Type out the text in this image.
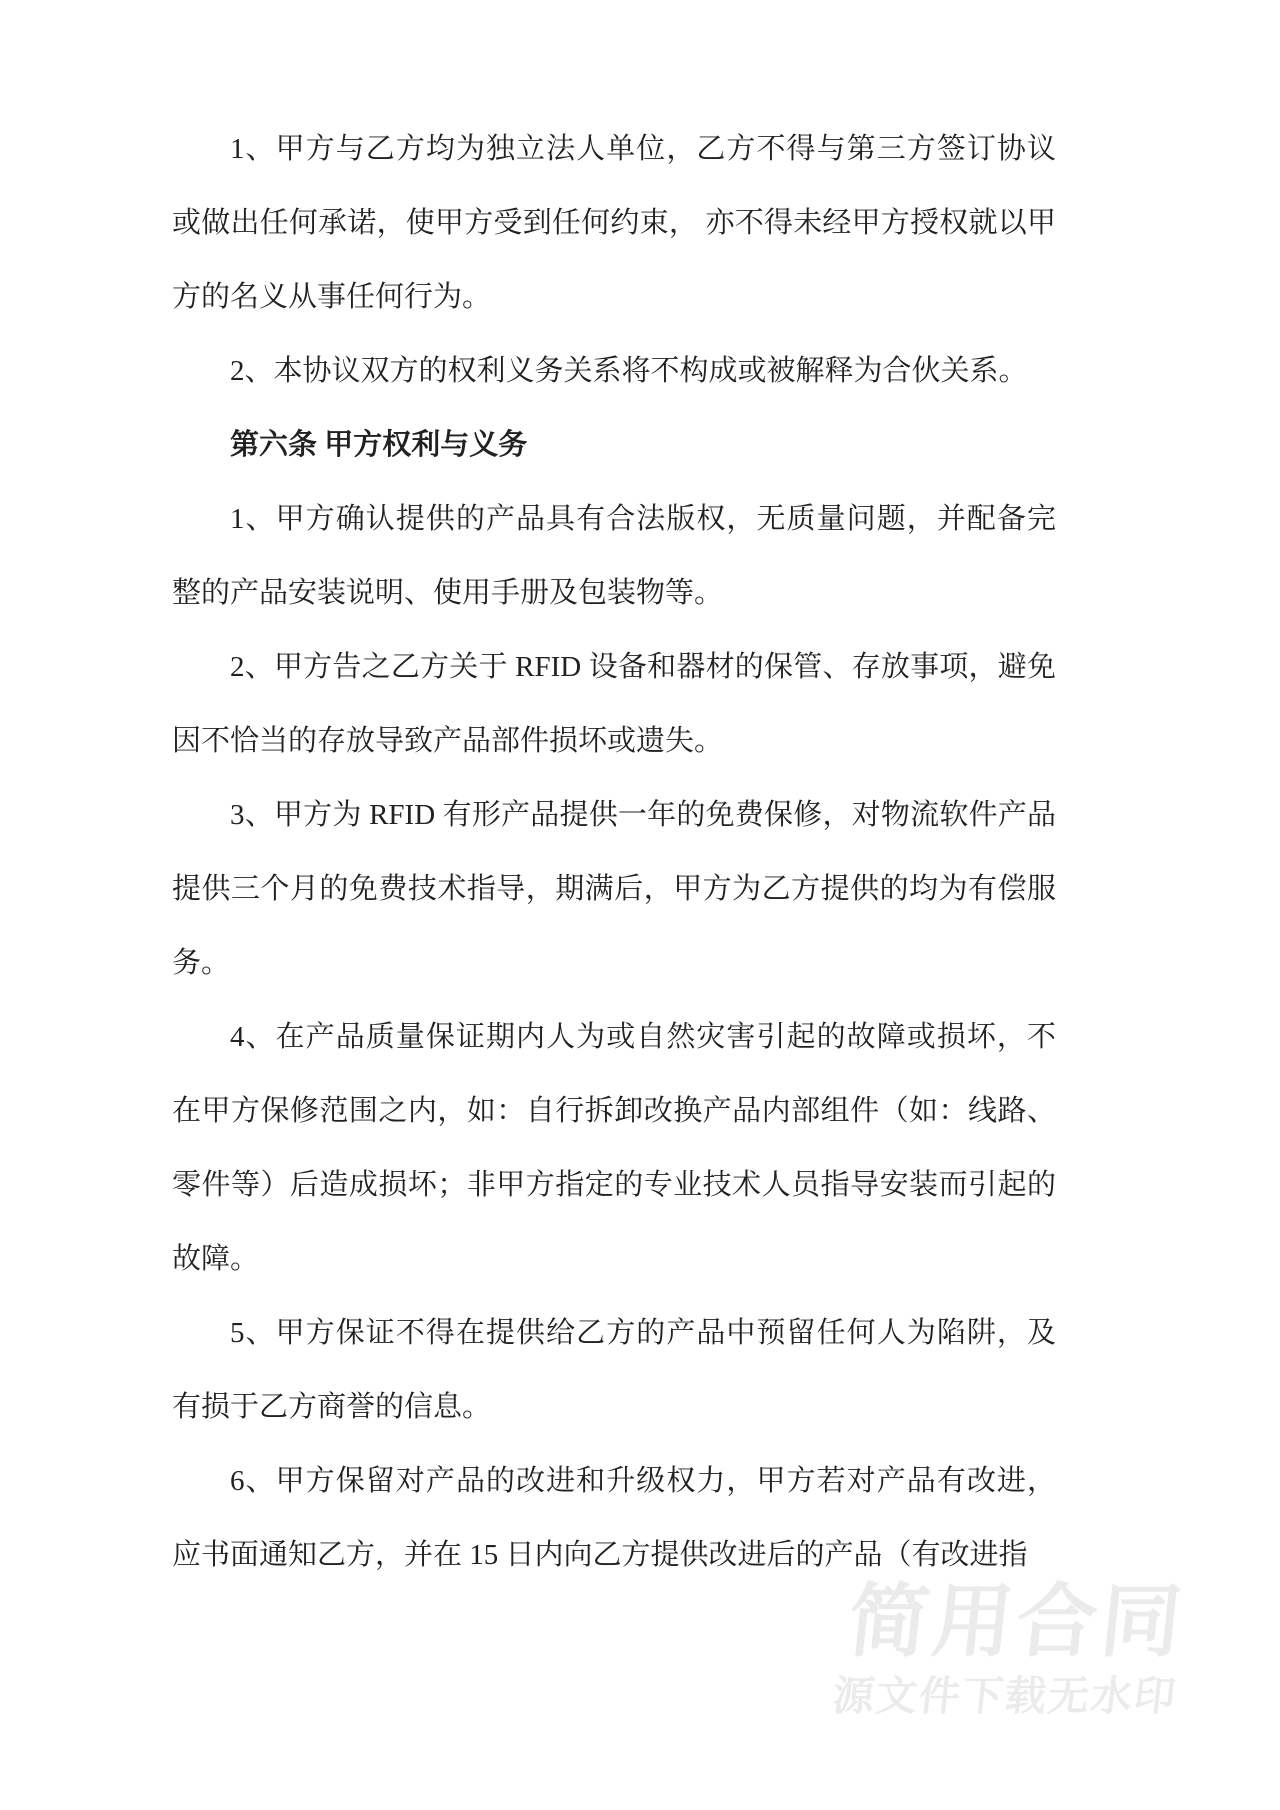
1、甲方与乙方均为独立法人单位，乙方不得与第三方签订协议或做出任何承诺，使甲方受到任何约束， 亦不得未经甲方授权就以甲方的名义从事任何行为。

2、本协议双方的权利义务关系将不构成或被解释为合伙关系。

第六条 甲方权利与义务

1、甲方确认提供的产品具有合法版权，无质量问题，并配备完整的产品安装说明、使用手册及包装物等。

2、甲方告之乙方关于 RFID 设备和器材的保管、存放事项，避免因不恰当的存放导致产品部件损坏或遗失。

3、甲方为 RFID 有形产品提供一年的免费保修，对物流软件产品提供三个月的免费技术指导，期满后，甲方为乙方提供的均为有偿服务。

4、在产品质量保证期内人为或自然灾害引起的故障或损坏，不在甲方保修范围之内，如：自行拆卸改换产品内部组件（如：线路、零件等）后造成损坏；非甲方指定的专业技术人员指导安装而引起的故障。

5、甲方保证不得在提供给乙方的产品中预留任何人为陷阱，及有损于乙方商誉的信息。

6、甲方保留对产品的改进和升级权力，甲方若对产品有改进，应书面通知乙方，并在 15 日内向乙方提供改进后的产品（有改进指

简用合同
源文件下载无水印
